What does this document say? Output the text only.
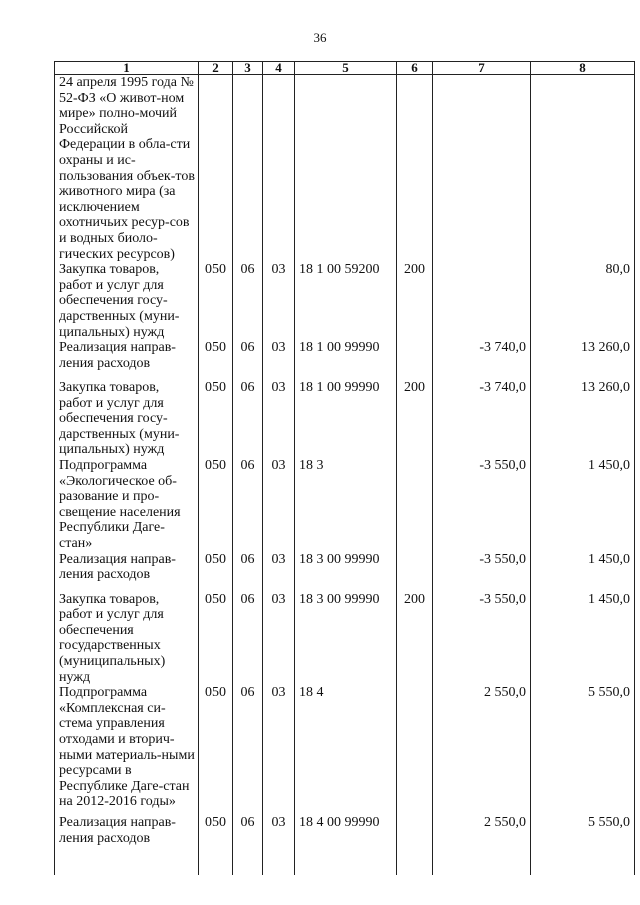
36
1	2	3	4	5	6	7	8
24 апреля 1995 года № 52-ФЗ «О живот-ном мире» полно-мочий Российской Федерации в обла-сти охраны и ис-пользования объек-тов животного мира (за исключением охотничьих ресур-сов и водных биоло-гических ресурсов)							
Закупка товаров, работ и услуг для обеспечения госу-дарственных (муни-ципальных) нужд	050	06	03	18 1 00 59200	200		80,0
Реализация направ-ления расходов	050	06	03	18 1 00 99990		-3 740,0	13 260,0
Закупка товаров, работ и услуг для обеспечения госу-дарственных (муни-ципальных) нужд	050	06	03	18 1 00 99990	200	-3 740,0	13 260,0
Подпрограмма «Экологическое об-разование и про-свещение населения Республики Даге-стан»	050	06	03	18 3		-3 550,0	1 450,0
Реализация направ-ления расходов	050	06	03	18 3 00 99990		-3 550,0	1 450,0
Закупка товаров, работ и услуг для обеспечения государственных (муниципальных) нужд	050	06	03	18 3 00 99990	200	-3 550,0	1 450,0
Подпрограмма «Комплексная си-стема управления отходами и вторич-ными материаль-ными ресурсами в Республике Даге-стан на 2012-2016 годы»	050	06	03	18 4		2 550,0	5 550,0
Реализация направ-ления расходов	050	06	03	18 4 00 99990		2 550,0	5 550,0
